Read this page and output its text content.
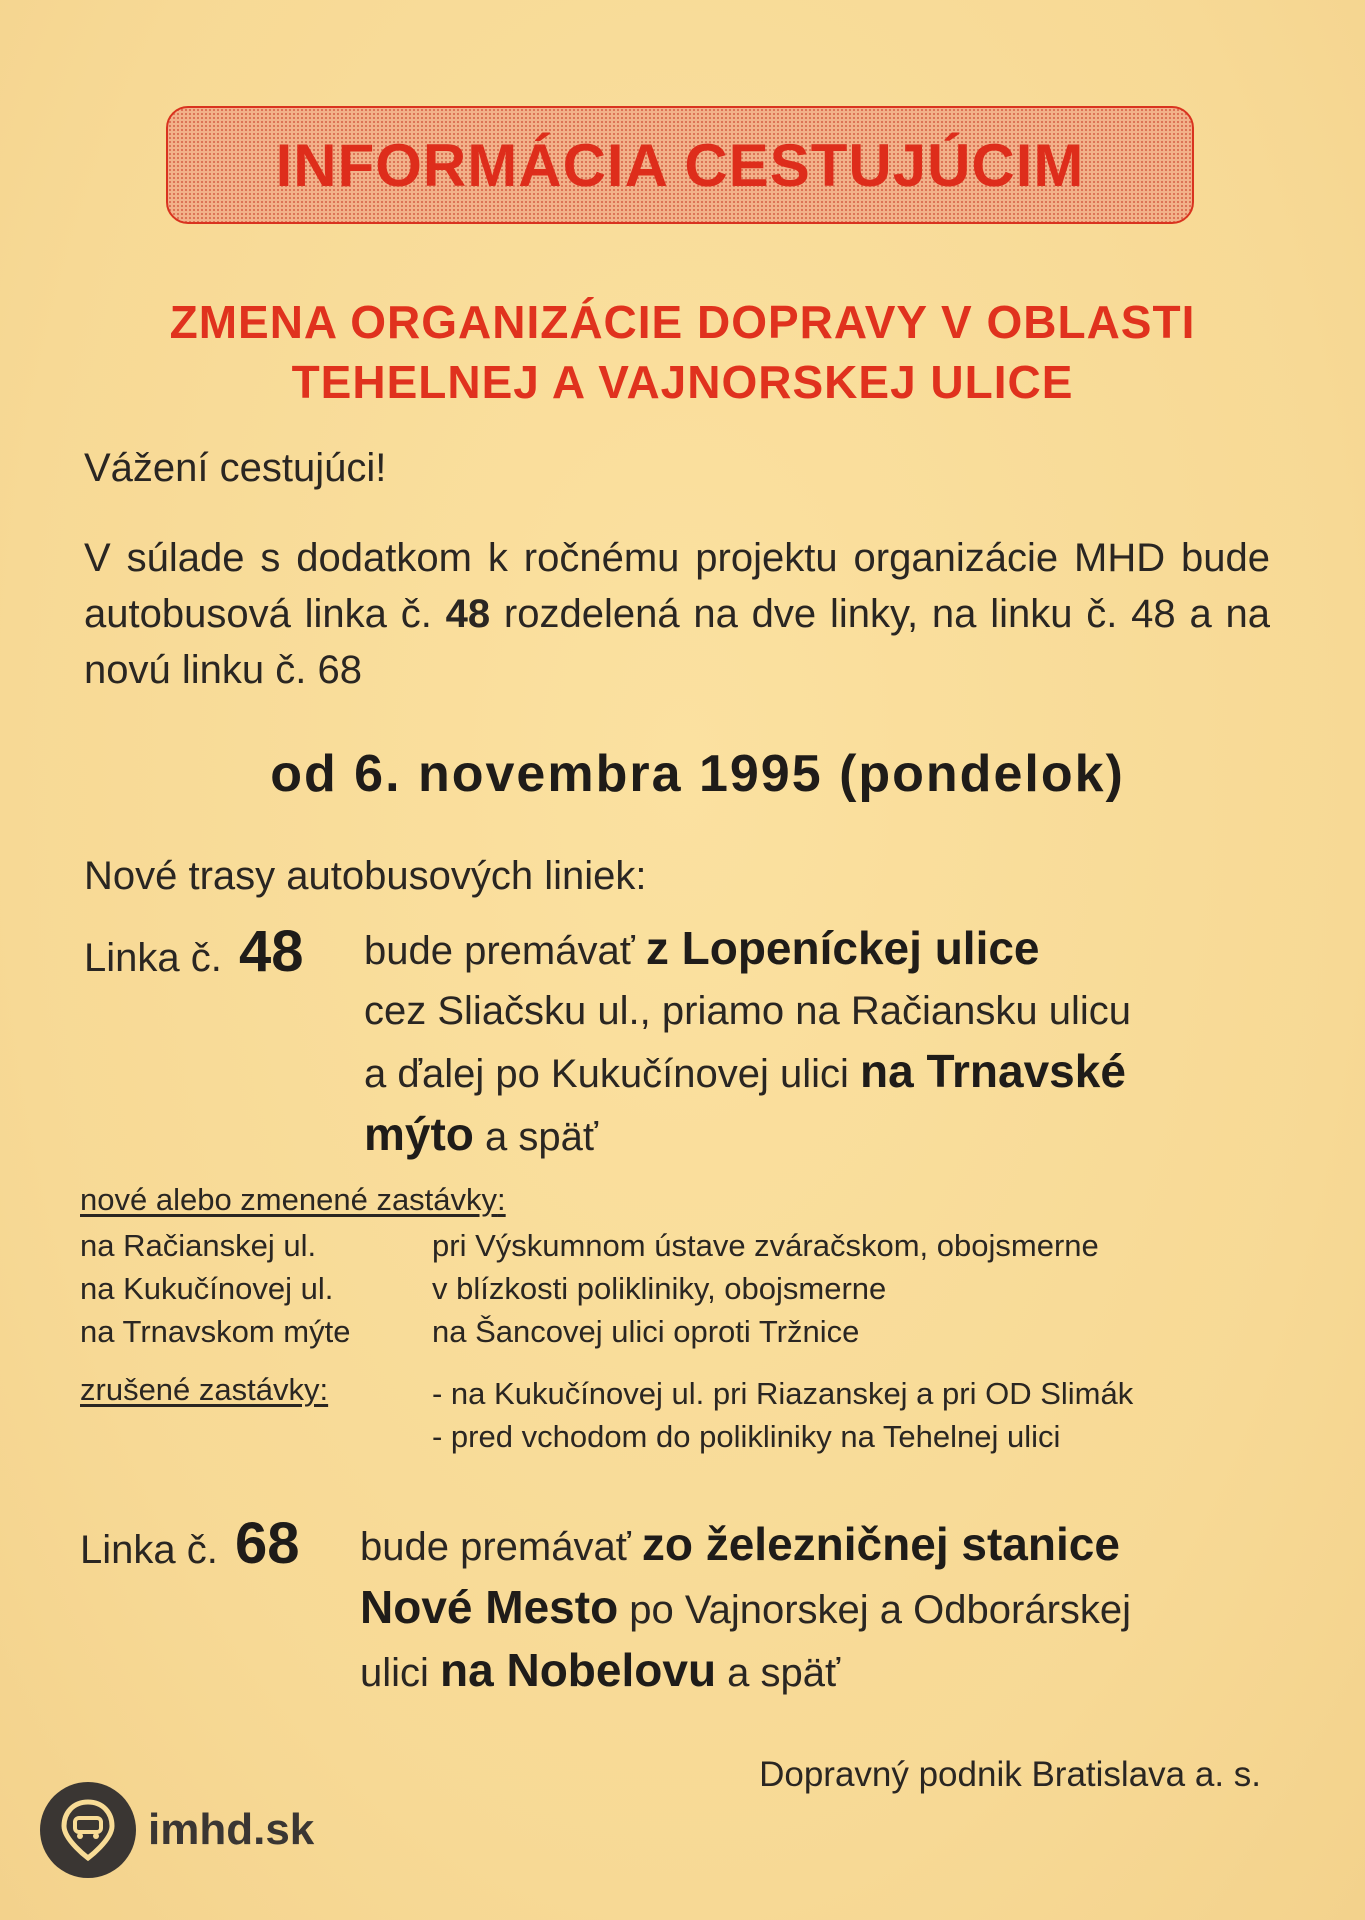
INFORMÁCIA CESTUJÚCIM
ZMENA ORGANIZÁCIE DOPRAVY V OBLASTI
TEHELNEJ A VAJNORSKEJ ULICE
Vážení cestujúci!
V súlade s dodatkom k ročnému projektu organizácie MHD bude autobusová linka č. 48 rozdelená na dve linky, na linku č. 48 a na novú linku č. 68
od 6. novembra 1995 (pondelok)
Nové trasy autobusových liniek:
Linka č. 48 bude premávať z Lopeníckej ulice
cez Sliačsku ul., priamo na Račiansku ulicu
a ďalej po Kukučínovej ulici na Trnavské
mýto a späť
nové alebo zmenené zastávky:
na Račianskej ul.	pri Výskumnom ústave zváračskom, obojsmerne
na Kukučínovej ul.	v blízkosti polikliniky, obojsmerne
na Trnavskom mýte	na Šancovej ulici oproti Tržnice
zrušené zastávky:	- na Kukučínovej ul. pri Riazanskej a pri OD Slimák
- pred vchodom do polikliniky na Tehelnej ulici
Linka č. 68 bude premávať zo železničnej stanice
Nové Mesto po Vajnorskej a Odborárskej
ulici na Nobelovu a späť
Dopravný podnik Bratislava a. s.
imhd.sk
